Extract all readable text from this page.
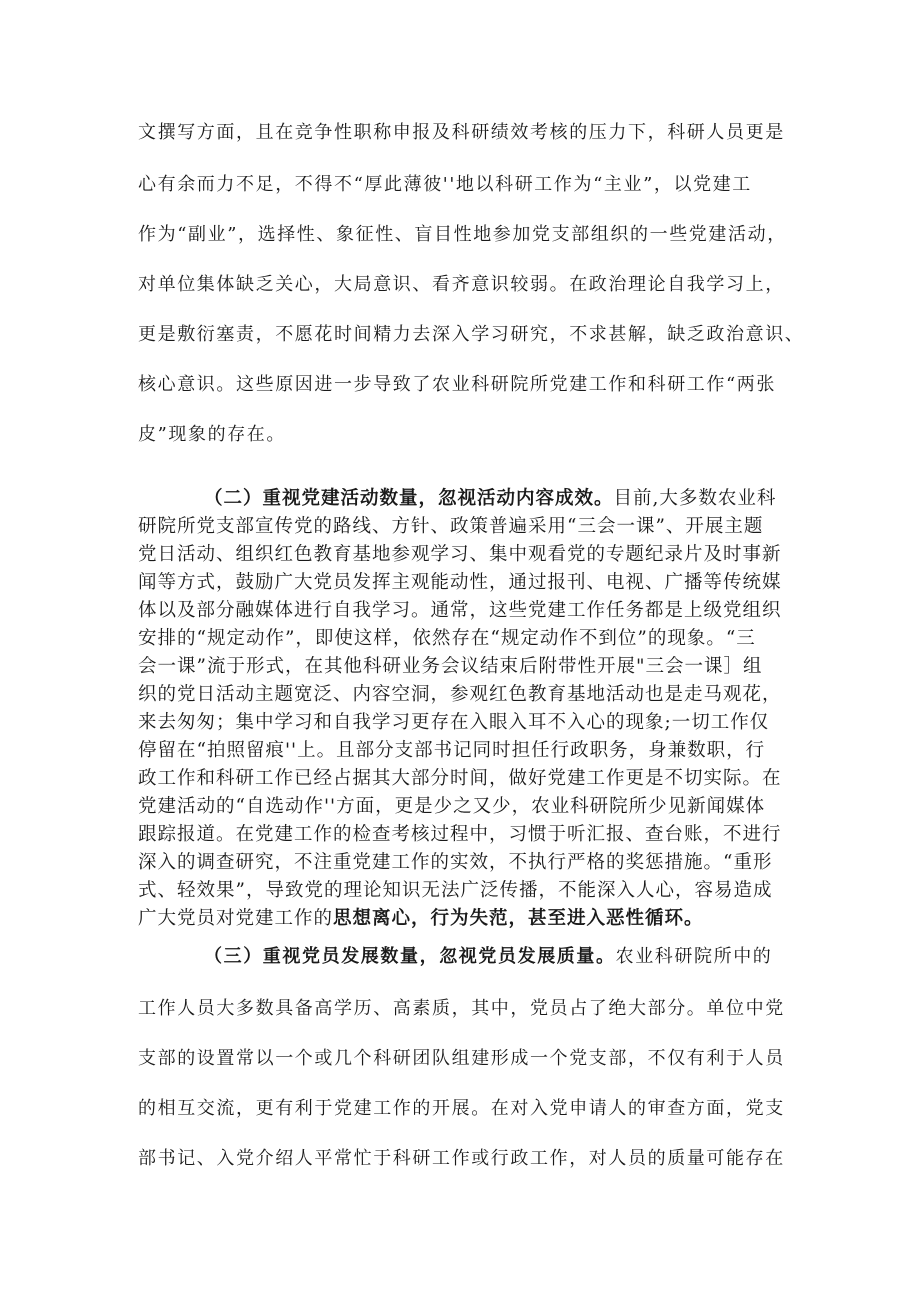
文撰写方面，且在竞争性职称申报及科研绩效考核的压力下，科研人员更是
心有余而力不足，不得不“厚此薄彼''地以科研工作为“主业”，以党建工
作为“副业”，选择性、象征性、盲目性地参加党支部组织的一些党建活动，
对单位集体缺乏关心，大局意识、看齐意识较弱。在政治理论自我学习上，
更是敷衍塞责，不愿花时间精力去深入学习研究，不求甚解，缺乏政治意识、
核心意识。这些原因进一步导致了农业科研院所党建工作和科研工作“两张
皮”现象的存在。
（二）重视党建活动数量，忽视活动内容成效。目前,大多数农业科
研院所党支部宣传党的路线、方针、政策普遍采用“三会一课”、开展主题
党日活动、组织红色教育基地参观学习、集中观看党的专题纪录片及时事新
闻等方式，鼓励广大党员发挥主观能动性，通过报刊、电视、广播等传统媒
体以及部分融媒体进行自我学习。通常，这些党建工作任务都是上级党组织
安排的“规定动作”，即使这样，依然存在“规定动作不到位”的现象。“三
会一课”流于形式，在其他科研业务会议结束后附带性开展"三会一课］组
织的党日活动主题宽泛、内容空洞，参观红色教育基地活动也是走马观花，
来去匆匆；集中学习和自我学习更存在入眼入耳不入心的现象;一切工作仅
停留在“拍照留痕''上。且部分支部书记同时担任行政职务，身兼数职，行
政工作和科研工作已经占据其大部分时间，做好党建工作更是不切实际。在
党建活动的“自选动作''方面，更是少之又少，农业科研院所少见新闻媒体
跟踪报道。在党建工作的检查考核过程中，习惯于听汇报、查台账，不进行
深入的调查研究，不注重党建工作的实效，不执行严格的奖惩措施。“重形
式、轻效果”，导致党的理论知识无法广泛传播，不能深入人心，容易造成
广大党员对党建工作的思想离心，行为失范，甚至进入恶性循环。
（三）重视党员发展数量，忽视党员发展质量。农业科研院所中的
工作人员大多数具备高学历、高素质，其中，党员占了绝大部分。单位中党
支部的设置常以一个或几个科研团队组建形成一个党支部，不仅有利于人员
的相互交流，更有利于党建工作的开展。在对入党申请人的审查方面，党支
部书记、入党介绍人平常忙于科研工作或行政工作，对人员的质量可能存在
